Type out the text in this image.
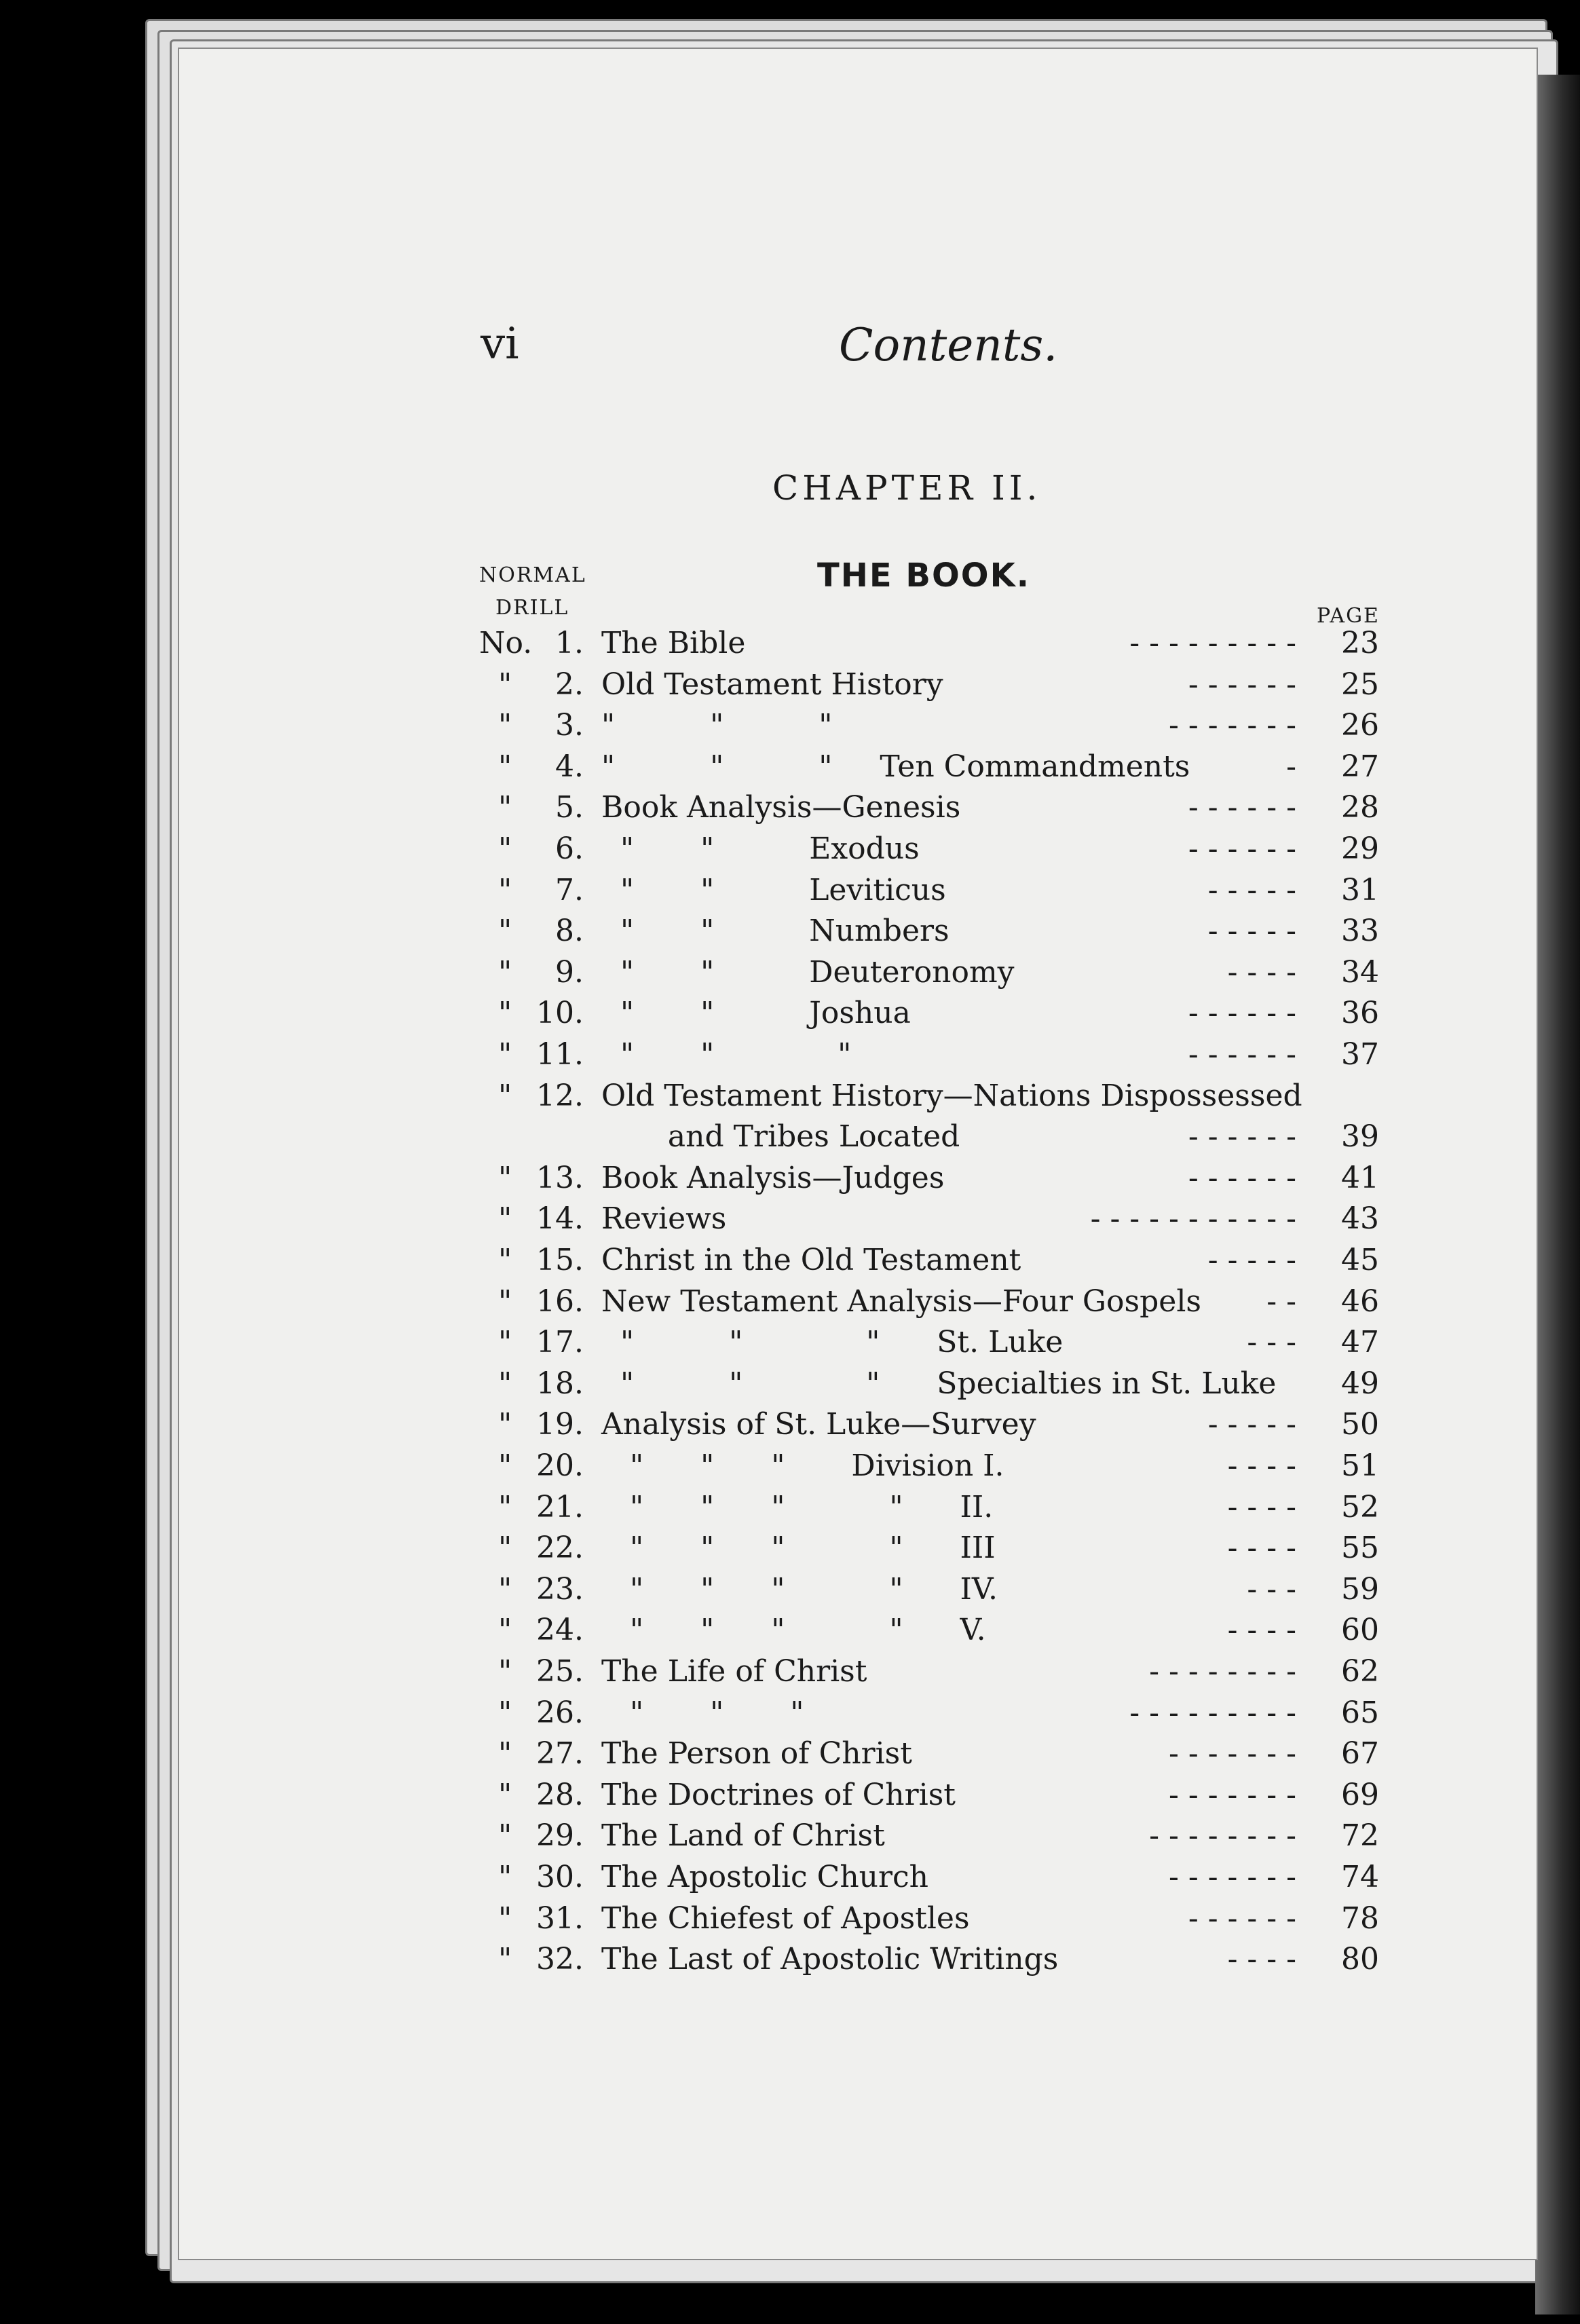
vi	Contents.
CHAPTER II.
THE BOOK.
NORMAL
DRILL	PAGE
No. 1. The Bible	- - - - - - - - -	23
"	2. Old Testament History	- - - - - -	25
"	3. "          "          "	- - - - - - -	26
"	4. "          "          "     Ten Commandments	-	27
"	5. Book Analysis—Genesis	- - - - - -	28
"	6. "       "          Exodus	- - - - - -	29
"	7. "       "          Leviticus	- - - - -	31
"	8. "       "          Numbers	- - - - -	33
"	9. "       "          Deuteronomy	- - - -	34
" 10. "       "          Joshua	- - - - - -	36
" 11. "       "             "	- - - - - -	37
" 12. Old Testament History—Nations Dispossessed
and Tribes Located	- - - - - -	39
" 13. Book Analysis—Judges	- - - - - -	41
" 14. Reviews	- - - - - - - - - - -	43
" 15. Christ in the Old Testament	- - - - -	45
" 16. New Testament Analysis—Four Gospels - -	46
" 17. "          "             "      St. Luke	- - -	47
" 18. "          "             "      Specialties in St. Luke	49
" 19. Analysis of St. Luke—Survey	- - - - -	50
" 20. "      "      "       Division I.	- - - -	51
" 21. "      "      "           "      II.	- - - -	52
" 22. "      "      "           "      III	- - - -	55
" 23. "      "      "           "      IV.	- - -	59
" 24. "      "      "           "      V.	- - - -	60
" 25. The Life of Christ	- - - - - - - -	62
" 26. "       "       "	- - - - - - - - -	65
" 27. The Person of Christ	- - - - - - -	67
" 28. The Doctrines of Christ	- - - - - - -	69
" 29. The Land of Christ	- - - - - - - -	72
" 30. The Apostolic Church	- - - - - - -	74
" 31. The Chiefest of Apostles	- - - - - -	78
" 32. The Last of Apostolic Writings	- - - -	80
